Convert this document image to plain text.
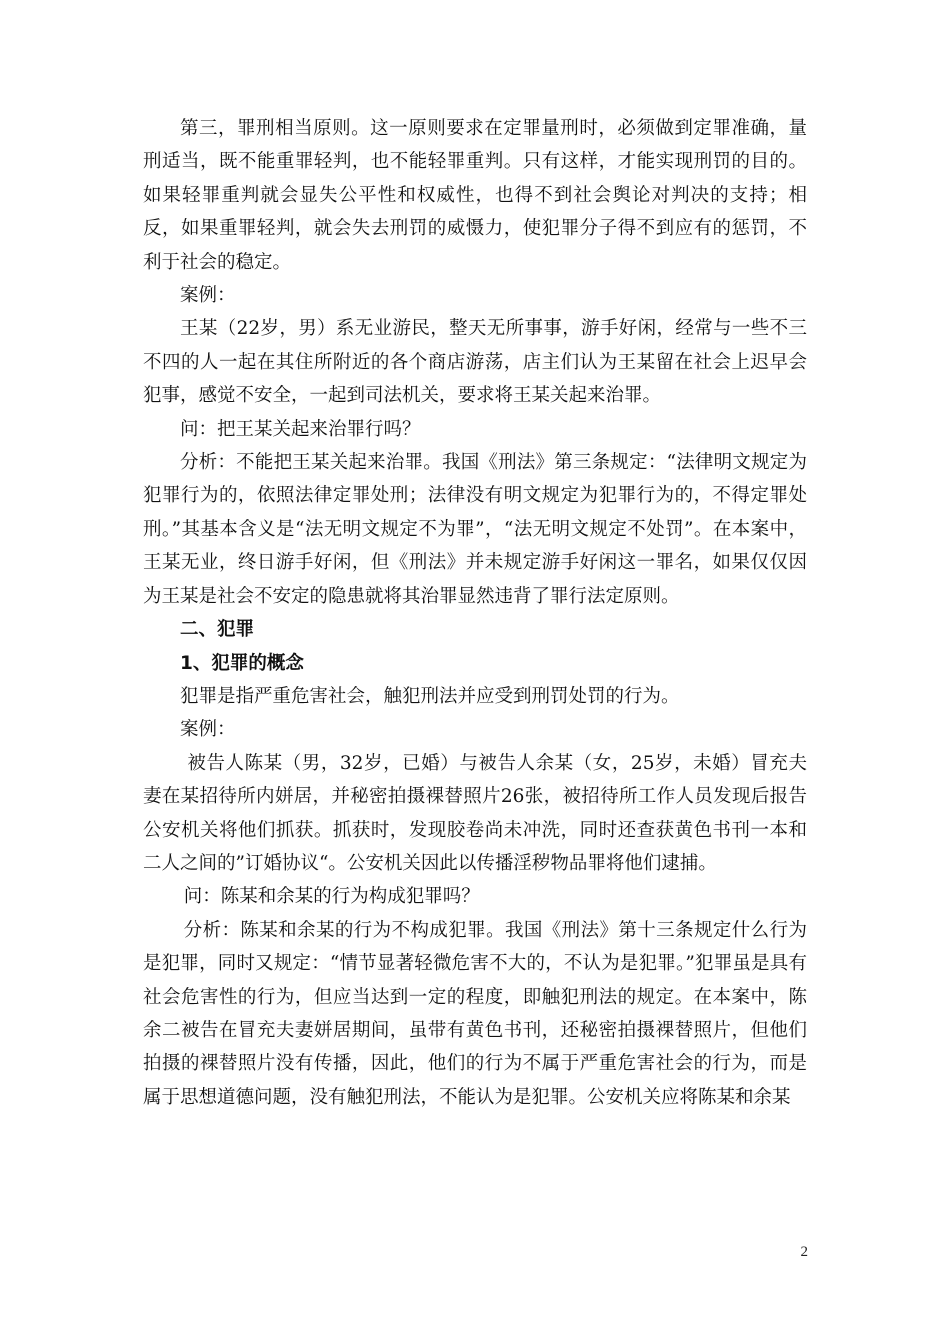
第三，罪刑相当原则。这一原则要求在定罪量刑时，必须做到定罪准确，量刑适当，既不能重罪轻判，也不能轻罪重判。只有这样，才能实现刑罚的目的。如果轻罪重判就会显失公平性和权威性，也得不到社会舆论对判决的支持；相反，如果重罪轻判，就会失去刑罚的威慑力，使犯罪分子得不到应有的惩罚，不利于社会的稳定。

案例：

王某（22岁，男）系无业游民，整天无所事事，游手好闲，经常与一些不三不四的人一起在其住所附近的各个商店游荡，店主们认为王某留在社会上迟早会犯事，感觉不安全，一起到司法机关，要求将王某关起来治罪。

问：把王某关起来治罪行吗？

分析：不能把王某关起来治罪。我国《刑法》第三条规定：“法律明文规定为犯罪行为的，依照法律定罪处刑；法律没有明文规定为犯罪行为的，不得定罪处刑。”其基本含义是“法无明文规定不为罪”，“法无明文规定不处罚”。在本案中，王某无业，终日游手好闲，但《刑法》并未规定游手好闲这一罪名，如果仅仅因为王某是社会不安定的隐患就将其治罪显然违背了罪行法定原则。

二、犯罪

1、犯罪的概念

犯罪是指严重危害社会，触犯刑法并应受到刑罚处罚的行为。

案例：

被告人陈某（男，32岁，已婚）与被告人余某（女，25岁，未婚）冒充夫妻在某招待所内姘居，并秘密拍摄裸替照片26张，被招待所工作人员发现后报告公安机关将他们抓获。抓获时，发现胶卷尚未冲洗，同时还查获黄色书刊一本和二人之间的”订婚协议“。公安机关因此以传播淫秽物品罪将他们逮捕。

问：陈某和余某的行为构成犯罪吗？

分析：陈某和余某的行为不构成犯罪。我国《刑法》第十三条规定什么行为是犯罪，同时又规定：“情节显著轻微危害不大的，不认为是犯罪。”犯罪虽是具有社会危害性的行为，但应当达到一定的程度，即触犯刑法的规定。在本案中，陈余二被告在冒充夫妻姘居期间，虽带有黄色书刊，还秘密拍摄裸替照片，但他们拍摄的裸替照片没有传播，因此，他们的行为不属于严重危害社会的行为，而是属于思想道德问题，没有触犯刑法，不能认为是犯罪。公安机关应将陈某和余某

2
